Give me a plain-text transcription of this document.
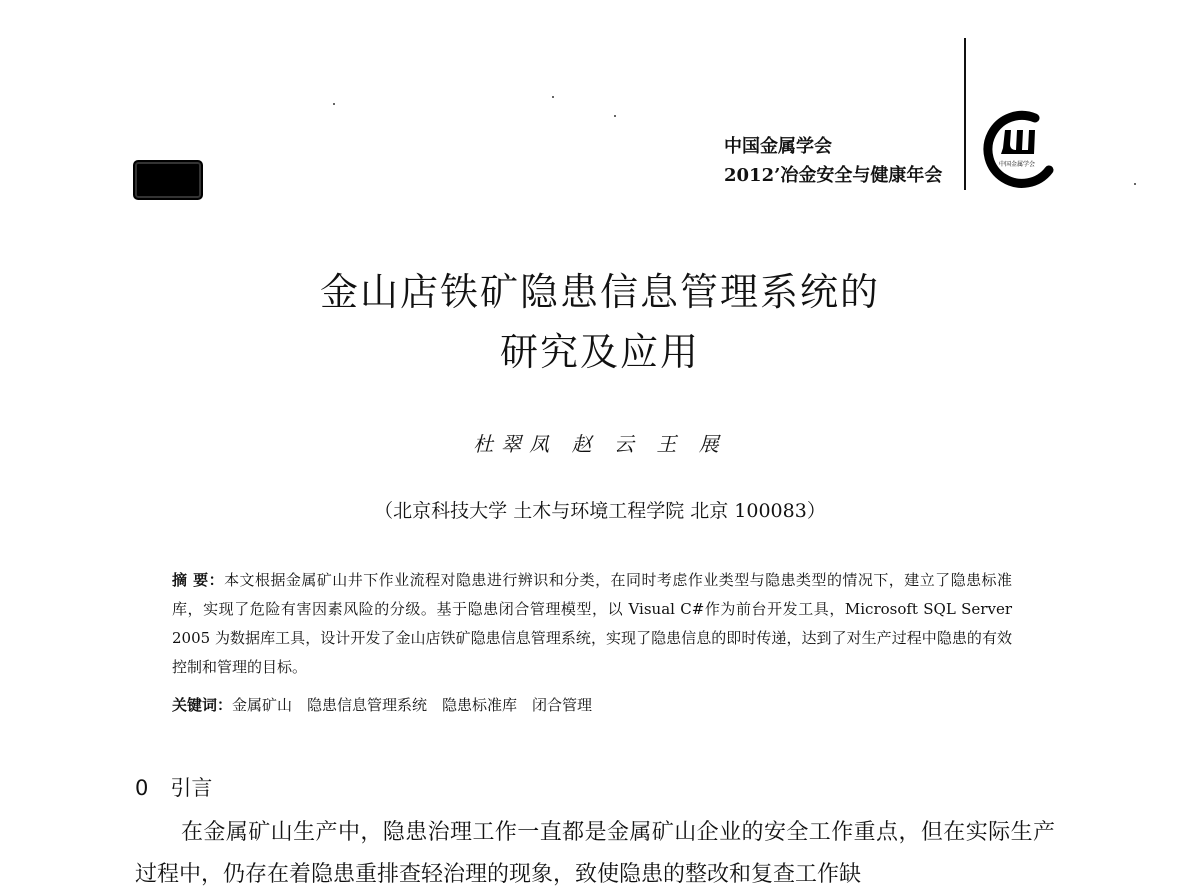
中国金属学会
2012’冶金安全与健康年会
中国金属学会
金山店铁矿隐患信息管理系统的
研究及应用
杜翠凤 赵 云 王 展
（北京科技大学 土木与环境工程学院 北京 100083）
摘 要：本文根据金属矿山井下作业流程对隐患进行辨识和分类，在同时考虑作业类型与隐患类型的情况下，建立了隐患标准库，实现了危险有害因素风险的分级。基于隐患闭合管理模型，以 Visual C#作为前台开发工具，Microsoft SQL Server 2005 为数据库工具，设计开发了金山店铁矿隐患信息管理系统，实现了隐患信息的即时传递，达到了对生产过程中隐患的有效控制和管理的目标。
关键词：金属矿山　隐患信息管理系统　隐患标准库　闭合管理
0 引言
在金属矿山生产中，隐患治理工作一直都是金属矿山企业的安全工作重点，但在实际生产过程中，仍存在着隐患重排查轻治理的现象，致使隐患的整改和复查工作缺
